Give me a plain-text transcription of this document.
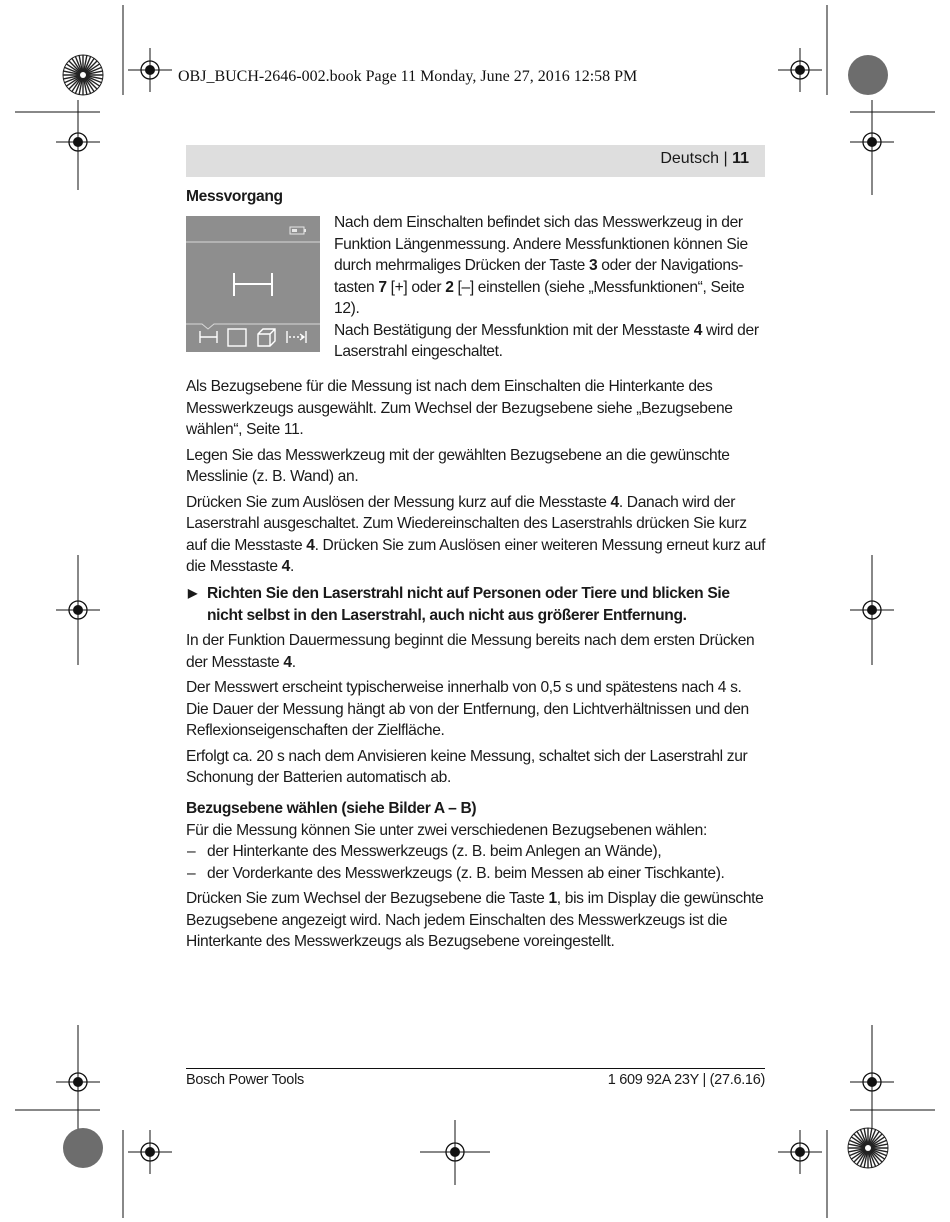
OBJ_BUCH-2646-002.book Page 11 Monday, June 27, 2016 12:58 PM
Deutsch | 11

Messvorgang

Nach dem Einschalten befindet sich das Messwerkzeug in der Funktion Längenmessung. Andere Messfunktionen können Sie durch mehrmaliges Drücken der Taste 3 oder der Navigations-tasten 7 [+] oder 2 [–] einstellen (siehe „Messfunktionen“, Seite 12).

Nach Bestätigung der Messfunktion mit der Messtaste 4 wird der Laserstrahl eingeschaltet.

Als Bezugsebene für die Messung ist nach dem Einschalten die Hinterkante des Messwerkzeugs ausgewählt. Zum Wechsel der Bezugsebene siehe „Bezugsebene wählen“, Seite 11.

Legen Sie das Messwerkzeug mit der gewählten Bezugsebene an die gewünschte Messlinie (z. B. Wand) an.

Drücken Sie zum Auslösen der Messung kurz auf die Messtaste 4. Danach wird der Laserstrahl ausgeschaltet. Zum Wiedereinschalten des Laserstrahls drücken Sie kurz auf die Messtaste 4. Drücken Sie zum Auslösen einer weiteren Messung erneut kurz auf die Messtaste 4.

▶ Richten Sie den Laserstrahl nicht auf Personen oder Tiere und blicken Sie nicht selbst in den Laserstrahl, auch nicht aus größerer Entfernung.

In der Funktion Dauermessung beginnt die Messung bereits nach dem ersten Drücken der Messtaste 4.

Der Messwert erscheint typischerweise innerhalb von 0,5 s und spätestens nach 4 s. Die Dauer der Messung hängt ab von der Entfernung, den Lichtverhältnissen und den Reflexionseigenschaften der Zielfläche.

Erfolgt ca. 20 s nach dem Anvisieren keine Messung, schaltet sich der Laserstrahl zur Schonung der Batterien automatisch ab.

Bezugsebene wählen (siehe Bilder A – B)

Für die Messung können Sie unter zwei verschiedenen Bezugsebenen wählen:

– der Hinterkante des Messwerkzeugs (z. B. beim Anlegen an Wände),
– der Vorderkante des Messwerkzeugs (z. B. beim Messen ab einer Tischkante).

Drücken Sie zum Wechsel der Bezugsebene die Taste 1, bis im Display die gewünschte Bezugsebene angezeigt wird. Nach jedem Einschalten des Messwerkzeugs ist die Hinterkante des Messwerkzeugs als Bezugsebene voreingestellt.

Bosch Power Tools	1 609 92A 23Y | (27.6.16)
